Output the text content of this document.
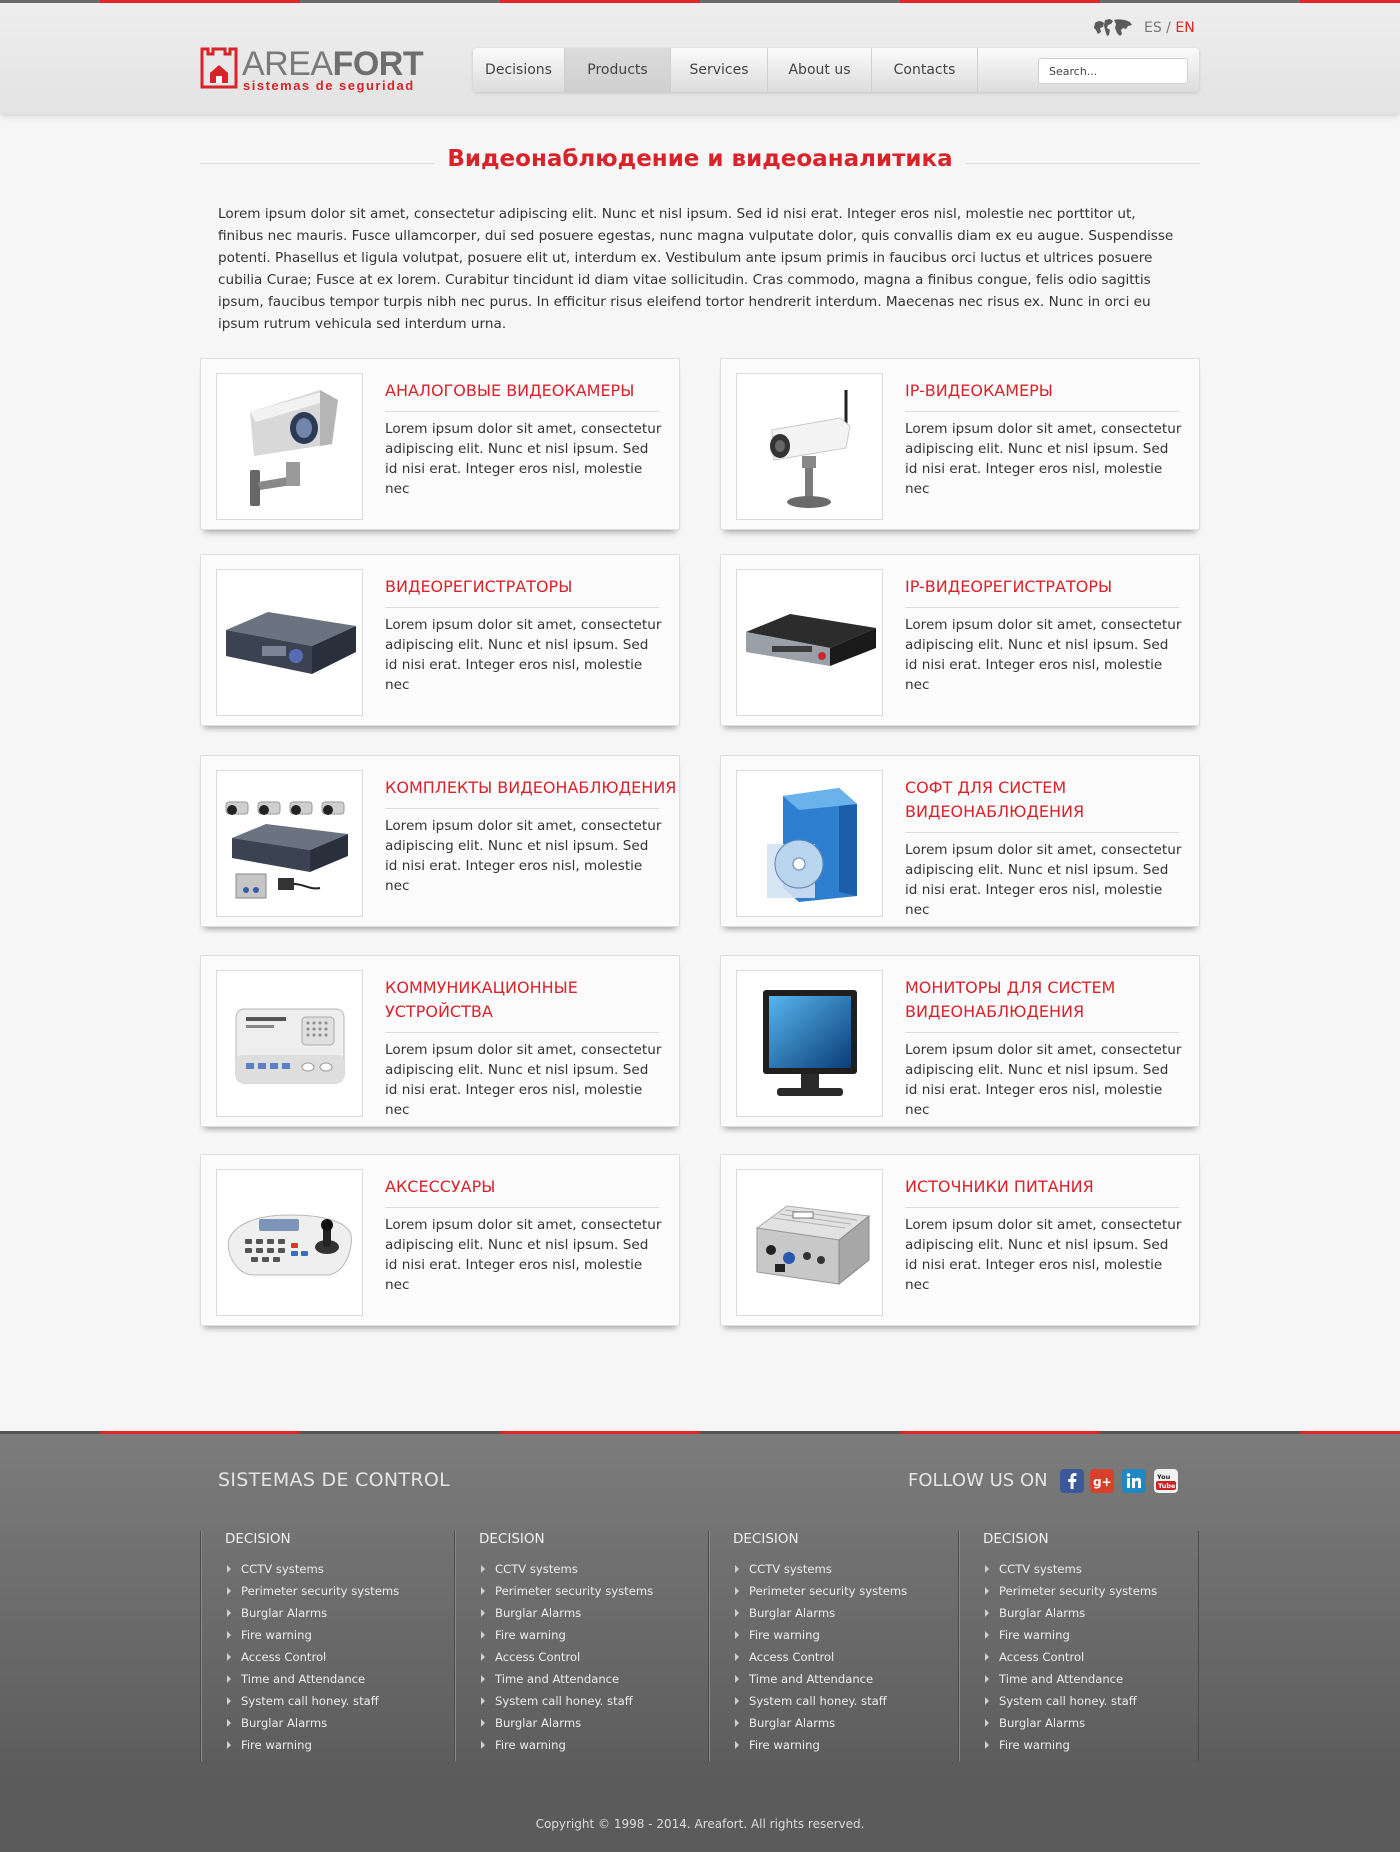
AREAFORT
sistemas de seguridad
ES / EN
Decisions	Products	Services	About us	Contacts
Search...
Видеонаблюдение и видеоаналитика

Lorem ipsum dolor sit amet, consectetur adipiscing elit. Nunc et nisl ipsum. Sed id nisi erat. Integer eros nisl, molestie nec porttitor ut, finibus nec mauris. Fusce ullamcorper, dui sed posuere egestas, nunc magna vulputate dolor, quis convallis diam ex eu augue. Suspendisse potenti. Phasellus et ligula volutpat, posuere elit ut, interdum ex. Vestibulum ante ipsum primis in faucibus orci luctus et ultrices posuere cubilia Curae; Fusce at ex lorem. Curabitur tincidunt id diam vitae sollicitudin. Cras commodo, magna a finibus congue, felis odio sagittis ipsum, faucibus tempor turpis nibh nec purus. In efficitur risus eleifend tortor hendrerit interdum. Maecenas nec risus ex. Nunc in orci eu ipsum rutrum vehicula sed interdum urna.

АНАЛОГОВЫЕ ВИДЕОКАМЕРЫ
Lorem ipsum dolor sit amet, consectetur adipiscing elit. Nunc et nisl ipsum. Sed id nisi erat. Integer eros nisl, molestie nec
IP-ВИДЕОКАМЕРЫ
Lorem ipsum dolor sit amet, consectetur adipiscing elit. Nunc et nisl ipsum. Sed id nisi erat. Integer eros nisl, molestie nec
ВИДЕОРЕГИСТРАТОРЫ
Lorem ipsum dolor sit amet, consectetur adipiscing elit. Nunc et nisl ipsum. Sed id nisi erat. Integer eros nisl, molestie nec
IP-ВИДЕОРЕГИСТРАТОРЫ
Lorem ipsum dolor sit amet, consectetur adipiscing elit. Nunc et nisl ipsum. Sed id nisi erat. Integer eros nisl, molestie nec
КОМПЛЕКТЫ ВИДЕОНАБЛЮДЕНИЯ
Lorem ipsum dolor sit amet, consectetur adipiscing elit. Nunc et nisl ipsum. Sed id nisi erat. Integer eros nisl, molestie nec
СОФТ ДЛЯ СИСТЕМ ВИДЕОНАБЛЮДЕНИЯ
Lorem ipsum dolor sit amet, consectetur adipiscing elit. Nunc et nisl ipsum. Sed id nisi erat. Integer eros nisl, molestie nec
КОММУНИКАЦИОННЫЕ УСТРОЙСТВА
Lorem ipsum dolor sit amet, consectetur adipiscing elit. Nunc et nisl ipsum. Sed id nisi erat. Integer eros nisl, molestie nec
МОНИТОРЫ ДЛЯ СИСТЕМ ВИДЕОНАБЛЮДЕНИЯ
Lorem ipsum dolor sit amet, consectetur adipiscing elit. Nunc et nisl ipsum. Sed id nisi erat. Integer eros nisl, molestie nec
АКСЕССУАРЫ
Lorem ipsum dolor sit amet, consectetur adipiscing elit. Nunc et nisl ipsum. Sed id nisi erat. Integer eros nisl, molestie nec
ИСТОЧНИКИ ПИТАНИЯ
Lorem ipsum dolor sit amet, consectetur adipiscing elit. Nunc et nisl ipsum. Sed id nisi erat. Integer eros nisl, molestie nec
SISTEMAS DE CONTROL	FOLLOW US ON	g+	You
Tube
DECISION
CCTV systems
Perimeter security systems
Burglar Alarms
Fire warning
Access Control
Time and Attendance
System call honey. staff
Burglar Alarms
Fire warning
DECISION
CCTV systems
Perimeter security systems
Burglar Alarms
Fire warning
Access Control
Time and Attendance
System call honey. staff
Burglar Alarms
Fire warning
DECISION
CCTV systems
Perimeter security systems
Burglar Alarms
Fire warning
Access Control
Time and Attendance
System call honey. staff
Burglar Alarms
Fire warning
DECISION
CCTV systems
Perimeter security systems
Burglar Alarms
Fire warning
Access Control
Time and Attendance
System call honey. staff
Burglar Alarms
Fire warning
Copyright © 1998 - 2014. Areafort. All rights reserved.
